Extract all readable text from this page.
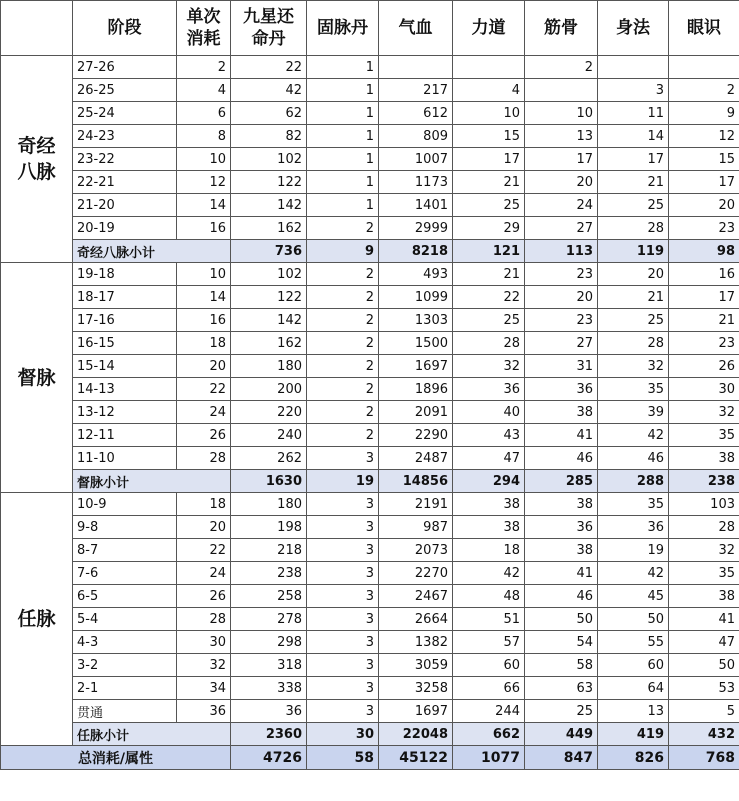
	阶段	单次消耗	九星还命丹	固脉丹	气血	力道	筋骨	身法	眼识
奇经八脉	27-26	2	22	1			2		
	26-25	4	42	1	217	4		3	2
	25-24	6	62	1	612	10	10	11	9
	24-23	8	82	1	809	15	13	14	12
	23-22	10	102	1	1007	17	17	17	15
	22-21	12	122	1	1173	21	20	21	17
	21-20	14	142	1	1401	25	24	25	20
	20-19	16	162	2	2999	29	27	28	23
	奇经八脉小计		736	9	8218	121	113	119	98
督脉	19-18	10	102	2	493	21	23	20	16
	18-17	14	122	2	1099	22	20	21	17
	17-16	16	142	2	1303	25	23	25	21
	16-15	18	162	2	1500	28	27	28	23
	15-14	20	180	2	1697	32	31	32	26
	14-13	22	200	2	1896	36	36	35	30
	13-12	24	220	2	2091	40	38	39	32
	12-11	26	240	2	2290	43	41	42	35
	11-10	28	262	3	2487	47	46	46	38
	督脉小计		1630	19	14856	294	285	288	238
任脉	10-9	18	180	3	2191	38	38	35	103
	9-8	20	198	3	987	38	36	36	28
	8-7	22	218	3	2073	18	38	19	32
	7-6	24	238	3	2270	42	41	42	35
	6-5	26	258	3	2467	48	46	45	38
	5-4	28	278	3	2664	51	50	50	41
	4-3	30	298	3	1382	57	54	55	47
	3-2	32	318	3	3059	60	58	60	50
	2-1	34	338	3	3258	66	63	64	53
	贯通	36	36	3	1697	244	25	13	5
	任脉小计		2360	30	22048	662	449	419	432
总消耗/属性			4726	58	45122	1077	847	826	768
